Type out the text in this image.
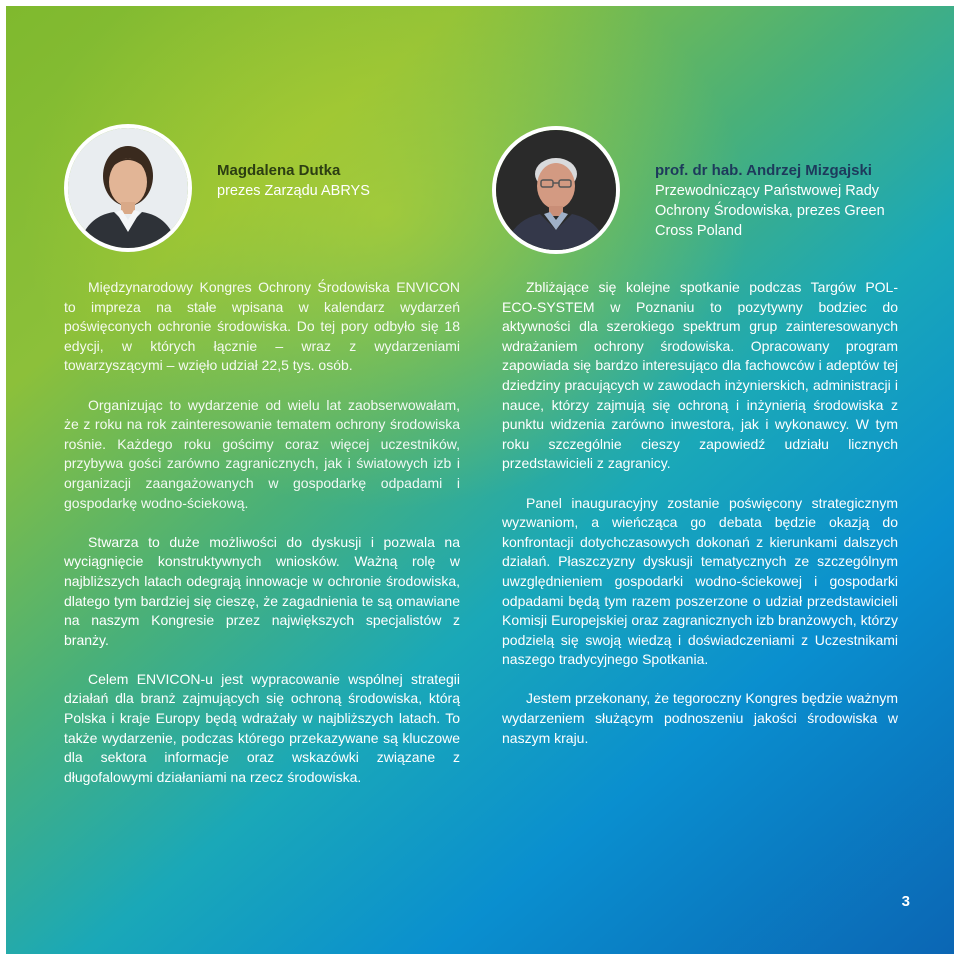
Magdalena Dutka

prezes Zarządu ABRYS

prof. dr hab. Andrzej Mizgajski

Przewodniczący Państwowej Rady Ochrony Środowiska, prezes Green Cross Poland

Międzynarodowy Kongres Ochrony Środowiska ENVICON to impreza na stałe wpisana w kalendarz wydarzeń poświęconych ochronie środowiska. Do tej pory odbyło się 18 edycji, w których łącznie – wraz z wydarzeniami towarzyszącymi – wzięło udział 22,5 tys. osób.

Organizując to wydarzenie od wielu lat zaobserwowałam, że z roku na rok zainteresowanie tematem ochrony środowiska rośnie. Każdego roku gościmy coraz więcej uczestników, przybywa gości zarówno zagranicznych, jak i światowych izb i organizacji zaangażowanych w gospodarkę odpadami i gospodarkę wodno-ściekową.

Stwarza to duże możliwości do dyskusji i pozwala na wyciągnięcie konstruktywnych wniosków. Ważną rolę w najbliższych latach odegrają innowacje w ochronie środowiska, dlatego tym bardziej się cieszę, że zagadnienia te są omawiane na naszym Kongresie przez największych specjalistów z branży.

Celem ENVICON-u jest wypracowanie wspólnej strategii działań dla branż zajmujących się ochroną środowiska, którą Polska i kraje Europy będą wdrażały w najbliższych latach. To także wydarzenie, podczas którego przekazywane są kluczowe dla sektora informacje oraz wskazówki związane z długofalowymi działaniami na rzecz środowiska.

Zbliżające się kolejne spotkanie podczas Targów POL-ECO-SYSTEM w Poznaniu to pozytywny bodziec do aktywności dla szerokiego spektrum grup zainteresowanych wdrażaniem ochrony środowiska. Opracowany program zapowiada się bardzo interesująco dla fachowców i adeptów tej dziedziny pracujących w zawodach inżynierskich, administracji i nauce, którzy zajmują się ochroną i inżynierią środowiska z punktu widzenia zarówno inwestora, jak i wykonawcy. W tym roku szczególnie cieszy zapowiedź udziału licznych przedstawicieli z zagranicy.

Panel inauguracyjny zostanie poświęcony strategicznym wyzwaniom, a wieńcząca go debata będzie okazją do konfrontacji dotychczasowych dokonań z kierunkami dalszych działań. Płaszczyzny dyskusji tematycznych ze szczególnym uwzględnieniem gospodarki wodno-ściekowej i gospodarki odpadami będą tym razem poszerzone o udział przedstawicieli Komisji Europejskiej oraz zagranicznych izb branżowych, którzy podzielą się swoją wiedzą i doświadczeniami z Uczestnikami naszego tradycyjnego Spotkania.

Jestem przekonany, że tegoroczny Kongres będzie ważnym wydarzeniem służącym podnoszeniu jakości środowiska w naszym kraju.

3
